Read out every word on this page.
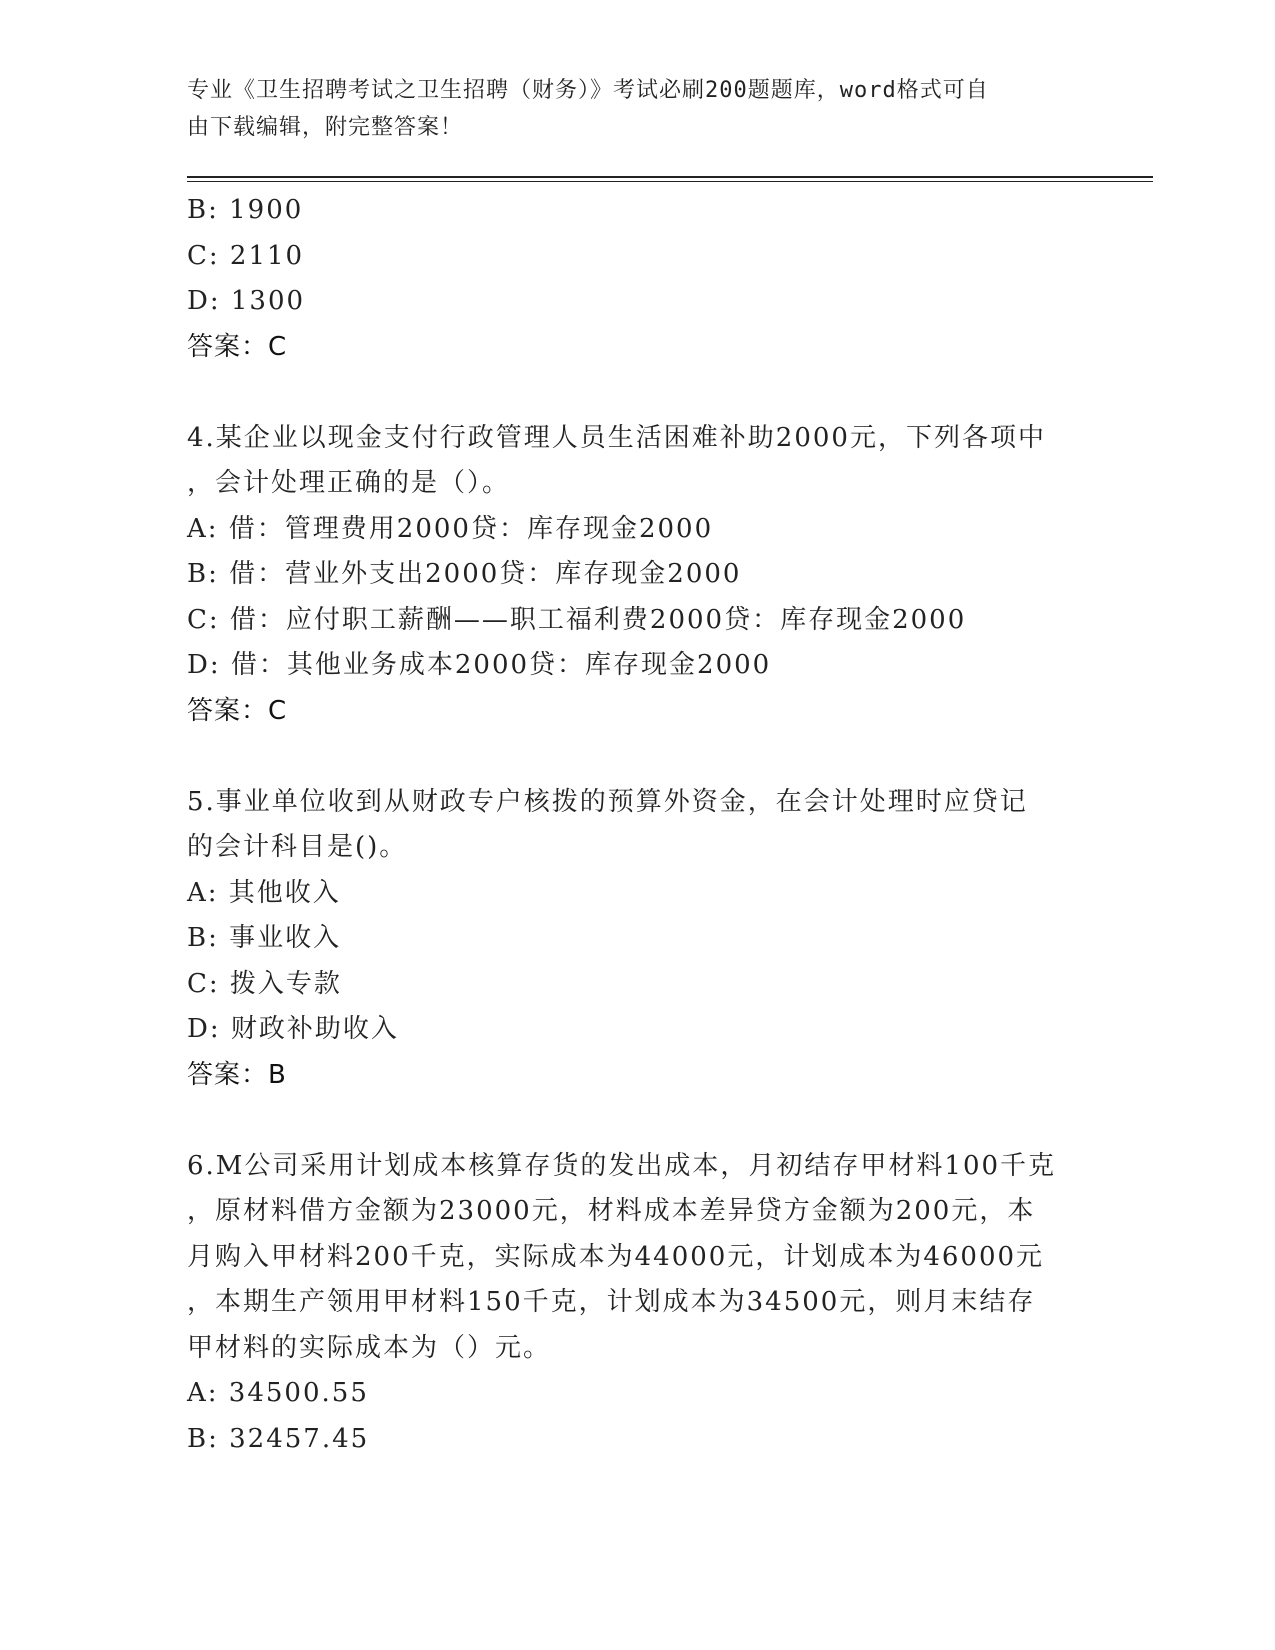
专业《卫生招聘考试之卫生招聘（财务）》考试必刷200题题库，word格式可自
由下载编辑，附完整答案！
B: 1900
C: 2110
D: 1300
答案：C
4.某企业以现金支付行政管理人员生活困难补助2000元，下列各项中
，会计处理正确的是（）。
A: 借：管理费用2000贷：库存现金2000
B: 借：营业外支出2000贷：库存现金2000
C: 借：应付职工薪酬——职工福利费2000贷：库存现金2000
D: 借：其他业务成本2000贷：库存现金2000
答案：C
5.事业单位收到从财政专户核拨的预算外资金，在会计处理时应贷记
的会计科目是()。
A: 其他收入
B: 事业收入
C: 拨入专款
D: 财政补助收入
答案：B
6.M公司采用计划成本核算存货的发出成本，月初结存甲材料100千克
，原材料借方金额为23000元，材料成本差异贷方金额为200元，本
月购入甲材料200千克，实际成本为44000元，计划成本为46000元
，本期生产领用甲材料150千克，计划成本为34500元，则月末结存
甲材料的实际成本为（）元。
A: 34500.55
B: 32457.45
